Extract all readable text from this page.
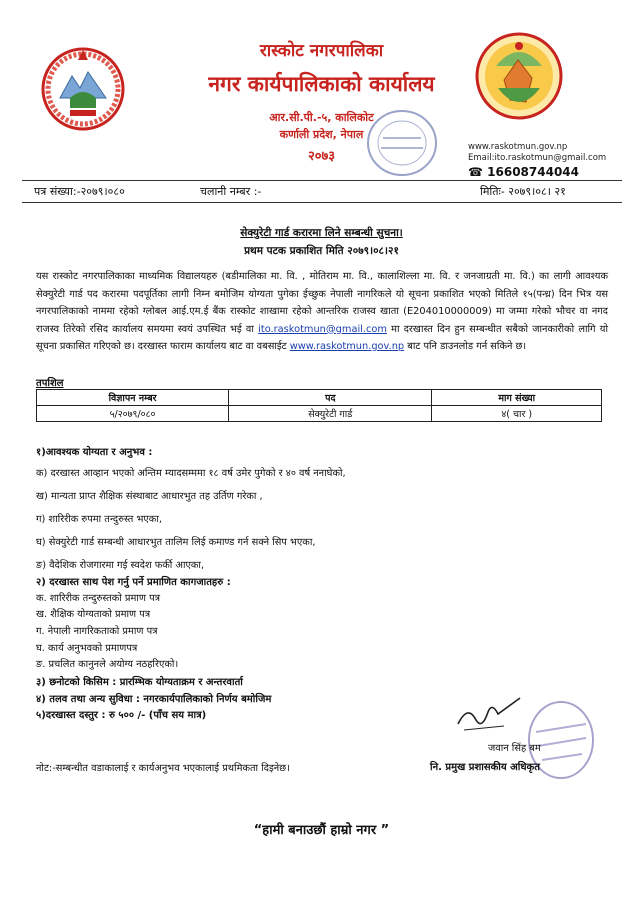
रास्कोट नगरपालिका
नगर कार्यपालिकाको कार्यालय
आर.सी.पी.-५, कालिकोट
कर्णाली प्रदेश, नेपाल
२०७३
www.raskotmun.gov.np
Email:ito.raskotmun@gmail.com
☎ 16608744044
पत्र संख्या:-२०७९।०८०	चलानी नम्बर :-	मितिः- २०७९।०८। २१
सेक्युरेटी गार्ड करारमा लिने सम्बन्धी सुचना।
प्रथम पटक प्रकाशित मिति २०७९।०८।२१
यस रास्कोट नगरपालिकाका माध्यमिक विद्यालयहरु (बडीमालिका मा. वि. , मोतिराम मा. वि., कालाशिल्ला मा. वि. र जनजाग्रती मा. वि.) का लागी आवश्यक सेक्युरेटी गार्ड पद करारमा पदपूर्तिका लागी निम्न बमोजिम योग्यता पुगेका ईच्छुक नेपाली नागरिकले यो सूचना प्रकाशित भएको मितिले १५(पन्ध्र) दिन भित्र यस नगरपालिकाको नाममा रहेको ग्लोबल आई.एम.ई बैंक रास्कोट शाखामा रहेको आन्तरिक राजस्व खाता (E204010000009) मा जम्मा गरेको भौचर वा नगद राजस्व तिरेको रसिद कार्यालय समयमा स्वयं उपस्थित भई वा ito.raskotmun@gmail.com मा दरखास्त दिन हुन सम्बन्धीत सबैको जानकारीको लागि यो सूचना प्रकासित गरिएको छ। दरखास्त फाराम कार्यालय बाट वा वबसाईट www.raskotmun.gov.np बाट पनि डाउनलोड गर्न सकिने छ।
तपशिल
विज्ञापन नम्बर	पद	माग संख्या
५/२०७९/०८०	सेक्युरेटी गार्ड	४( चार )
१)आवश्यक योग्यता र अनुभव :
क) दरखास्त आव्हान भएको अन्तिम म्यादसम्ममा १८ वर्ष उमेर पुगेको र ४० वर्ष ननाघेको,
ख) मान्यता प्राप्त शैक्षिक संस्थाबाट आधारभुत तह उर्तिण गरेका ,
ग) शारिरीक रुपमा तन्दुरुस्त भएका,
घ) सेक्युरेटी गार्ड सम्बन्धी आधारभुत तालिम लिई कमाण्ड गर्न सक्ने सिप भएका,
ङ) वैदेशिक रोजगारमा गई स्वदेश फर्की आएका,
२) दरखास्त साथ पेश गर्नु पर्ने प्रमाणित कागजातहरु :
क. शारिरीक तन्दुरुस्तको प्रमाण पत्र
ख. शैक्षिक योग्यताको प्रमाण पत्र
ग. नेपाली नागरिकताको प्रमाण पत्र
घ. कार्य अनुभवको प्रमाणपत्र
ङ. प्रचलित कानुनले अयोग्य नठहरिएको।
३) छनोटको किसिम : प्रारम्भिक योग्यताक्रम र अन्तरवार्ता
४) तलव तथा अन्य सुविधा : नगरकार्यपालिकाको निर्णय बमोजिम
५)दरखास्त दस्तुर : रु ५०० /- (पाँच सय मात्र)
जवान सिंह बम
नि. प्रमुख प्रशासकीय अधिकृत
नोट:-सम्बन्धीत वडाकालाई र कार्यअनुभव भएकालाई प्रथमिकता दिइनेछ।
“हामी बनाउछौं हाम्रो नगर ”
